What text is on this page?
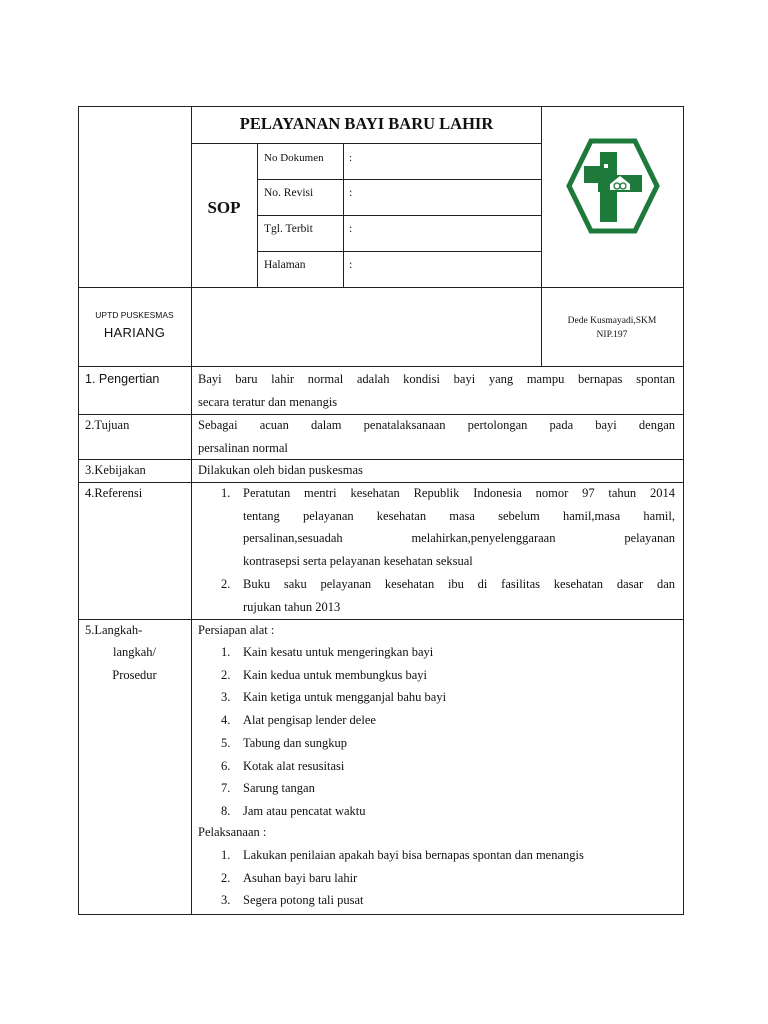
PELAYANAN BAYI BARU LAHIR
SOP
No Dokumen :
No. Revisi	:
Tgl. Terbit	:
Halaman	:
UPTD PUSKESMAS
HARIANG
Dede Kusmayadi,SKM
NIP.197
1. Pengertian	Bayi baru lahir normal adalah kondisi bayi yang mampu bernapas spontan
secara teratur dan menangis
2.Tujuan	Sebagai acuan dalam penatalaksanaan pertolongan pada bayi dengan
persalinan normal
3.Kebijakan	Dilakukan oleh bidan puskesmas
4.Referensi	1. Peratutan mentri kesehatan Republik Indonesia nomor 97 tahun 2014
tentang pelayanan kesehatan masa sebelum hamil,masa hamil,
persalinan,sesuadah melahirkan,penyelenggaraan pelayanan
kontrasepsi serta pelayanan kesehatan seksual
2. Buku saku pelayanan kesehatan ibu di fasilitas kesehatan dasar dan
rujukan tahun 2013
5.Langkah-
langkah/
Prosedur
Persiapan alat :
1. Kain kesatu untuk mengeringkan bayi
2. Kain kedua untuk membungkus bayi
3. Kain ketiga untuk mengganjal bahu bayi
4. Alat pengisap lender delee
5. Tabung dan sungkup
6. Kotak alat resusitasi
7. Sarung tangan
8. Jam atau pencatat waktu
Pelaksanaan :
1. Lakukan penilaian apakah bayi bisa bernapas spontan dan menangis
2. Asuhan bayi baru lahir
3. Segera potong tali pusat
